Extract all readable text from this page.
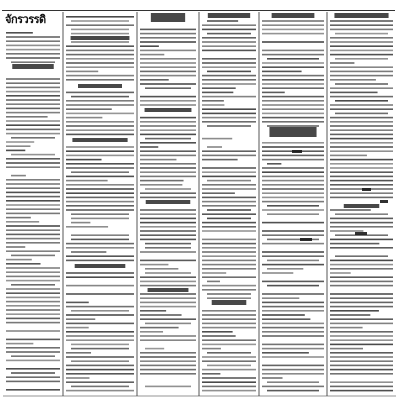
จักรวรรดิ
